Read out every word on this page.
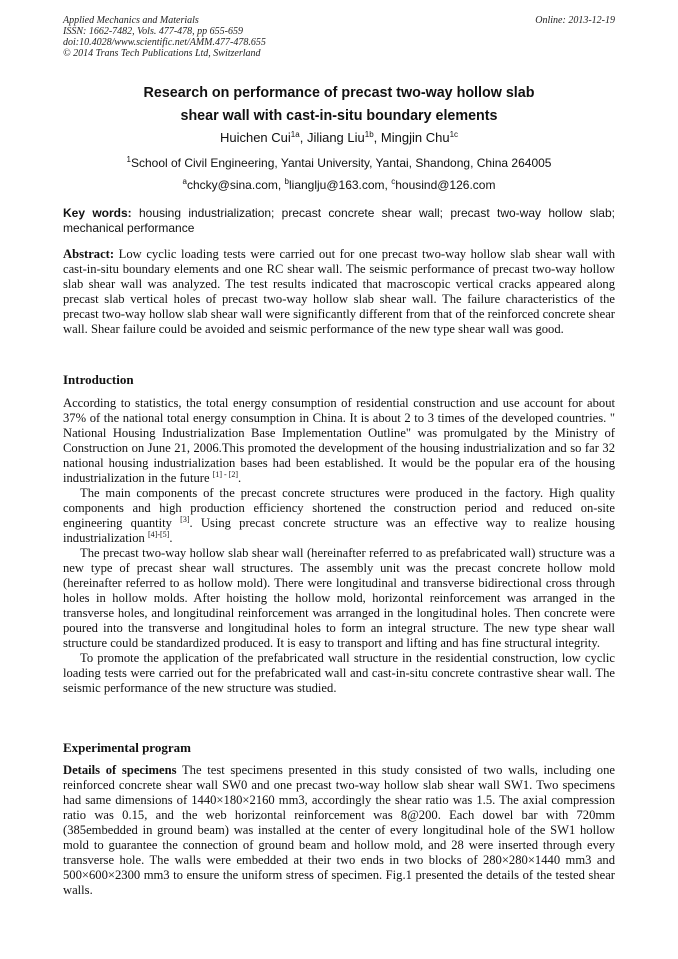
Applied Mechanics and Materials
ISSN: 1662-7482, Vols. 477-478, pp 655-659
doi:10.4028/www.scientific.net/AMM.477-478.655
© 2014 Trans Tech Publications Ltd, Switzerland
Online: 2013-12-19
Research on performance of precast two-way hollow slab
shear wall with cast-in-situ boundary elements
Huichen Cui$^{1a}$, Jiliang Liu$^{1b}$, Mingjin Chu$^{1c}$
$^1$School of Civil Engineering, Yantai University, Yantai, Shandong, China 264005
$^a$chcky@sina.com, $^b$lianglju@163.com, $^c$housind@126.com
Key words: housing industrialization; precast concrete shear wall; precast two-way hollow slab; mechanical performance
Abstract: Low cyclic loading tests were carried out for one precast two-way hollow slab shear wall with cast-in-situ boundary elements and one RC shear wall. The seismic performance of precast two-way hollow slab shear wall was analyzed. The test results indicated that macroscopic vertical cracks appeared along precast slab vertical holes of precast two-way hollow slab shear wall. The failure characteristics of the precast two-way hollow slab shear wall were significantly different from that of the reinforced concrete shear wall. Shear failure could be avoided and seismic performance of the new type shear wall was good.
Introduction

According to statistics, the total energy consumption of residential construction and use account for about 37% of the national total energy consumption in China. It is about 2 to 3 times of the developed countries. " National Housing Industrialization Base Implementation Outline" was promulgated by the Ministry of Construction on June 21, 2006.This promoted the development of the housing industrialization and so far 32 national housing industrialization bases had been established. It would be the popular era of the housing industrialization in the future [1] - [2].

The main components of the precast concrete structures were produced in the factory. High quality components and high production efficiency shortened the construction period and reduced on-site engineering quantity [3]. Using precast concrete structure was an effective way to realize housing industrialization [4]-[5].

The precast two-way hollow slab shear wall (hereinafter referred to as prefabricated wall) structure was a new type of precast shear wall structures. The assembly unit was the precast concrete hollow mold (hereinafter referred to as hollow mold). There were longitudinal and transverse bidirectional cross through holes in hollow molds. After hoisting the hollow mold, horizontal reinforcement was arranged in the transverse holes, and longitudinal reinforcement was arranged in the longitudinal holes. Then concrete were poured into the transverse and longitudinal holes to form an integral structure. The new type shear wall structure could be standardized produced. It is easy to transport and lifting and has fine structural integrity.

To promote the application of the prefabricated wall structure in the residential construction, low cyclic loading tests were carried out for the prefabricated wall and cast-in-situ concrete contrastive shear wall. The seismic performance of the new structure was studied.

Experimental program

Details of specimens The test specimens presented in this study consisted of two walls, including one reinforced concrete shear wall SW0 and one precast two-way hollow slab shear wall SW1. Two specimens had same dimensions of 1440×180×2160 mm3, accordingly the shear ratio was 1.5. The axial compression ratio was 0.15, and the web horizontal reinforcement was 8@200. Each dowel bar with 720mm (385embedded in ground beam) was installed at the center of every longitudinal hole of the SW1 hollow mold to guarantee the connection of ground beam and hollow mold, and 28 were inserted through every transverse hole. The walls were embedded at their two ends in two blocks of 280×280×1440 mm3 and 500×600×2300 mm3 to ensure the uniform stress of specimen. Fig.1 presented the details of the tested shear walls.
